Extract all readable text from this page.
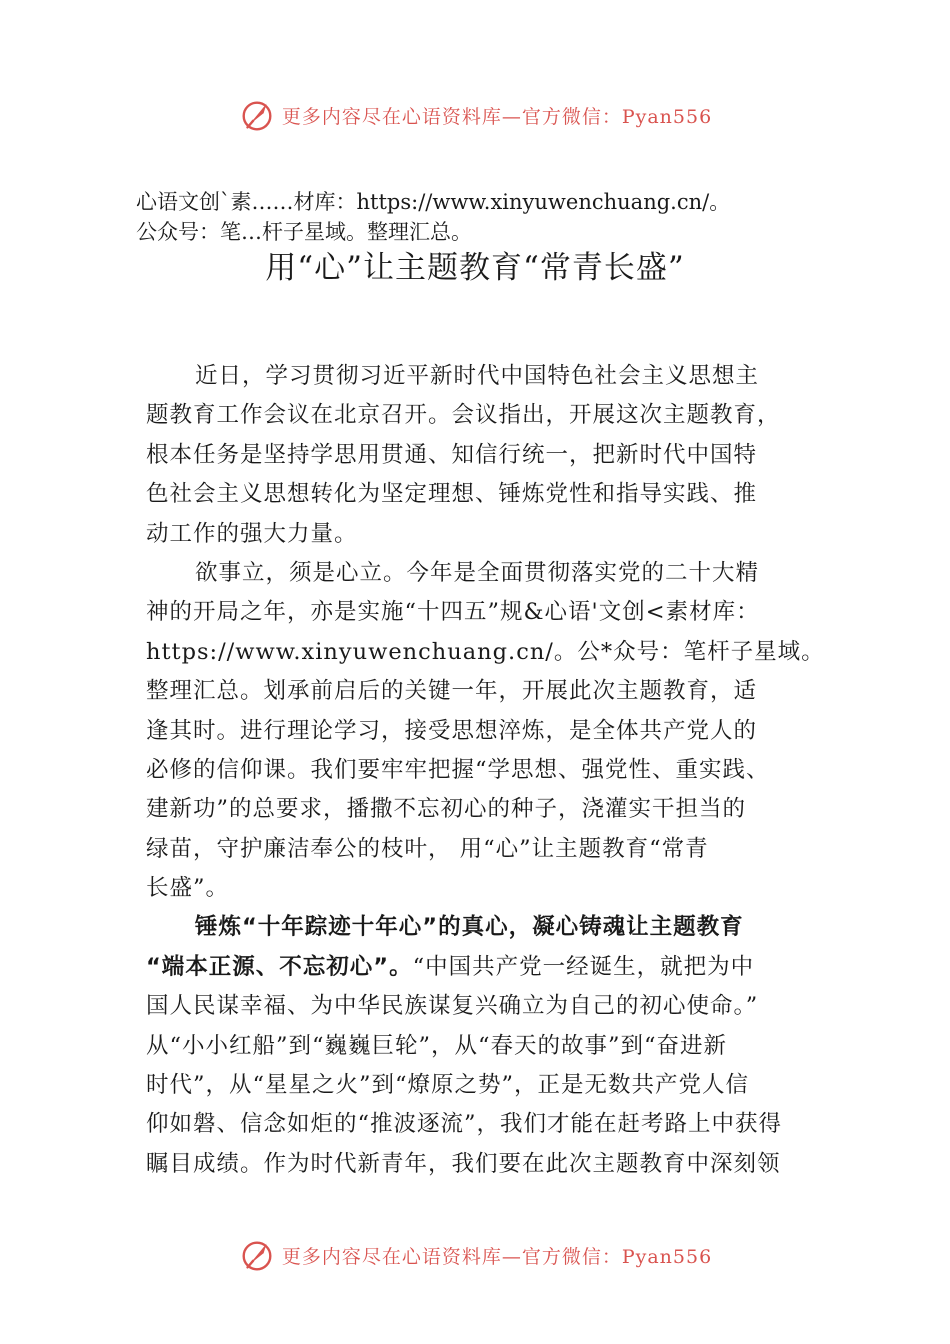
更多内容尽在心语资料库—官方微信：Pyan556
心语文创`素……材库：https://www.xinyuwenchuang.cn/。
公众号：笔…杆子星域。整理汇总。
用“心”让主题教育“常青长盛”
近日，学习贯彻习近平新时代中国特色社会主义思想主
题教育工作会议在北京召开。会议指出，开展这次主题教育，
根本任务是坚持学思用贯通、知信行统一，把新时代中国特
色社会主义思想转化为坚定理想、锤炼党性和指导实践、推
动工作的强大力量。
欲事立，须是心立。今年是全面贯彻落实党的二十大精
神的开局之年，亦是实施“十四五”规&心语'文创<素材库：
https://www.xinyuwenchuang.cn/。公*众号：笔杆子星域。
整理汇总。划承前启后的关键一年，开展此次主题教育，适
逢其时。进行理论学习，接受思想淬炼，是全体共产党人的
必修的信仰课。我们要牢牢把握“学思想、强党性、重实践、
建新功”的总要求，播撒不忘初心的种子，浇灌实干担当的
绿苗，守护廉洁奉公的枝叶， 用“心”让主题教育“常青
长盛”。
锤炼“十年踪迹十年心”的真心，凝心铸魂让主题教育
“端本正源、不忘初心”。“中国共产党一经诞生，就把为中
国人民谋幸福、为中华民族谋复兴确立为自己的初心使命。”
从“小小红船”到“巍巍巨轮”，从“春天的故事”到“奋进新
时代”，从“星星之火”到“燎原之势”，正是无数共产党人信
仰如磐、信念如炬的“推波逐流”，我们才能在赶考路上中获得
瞩目成绩。作为时代新青年，我们要在此次主题教育中深刻领
更多内容尽在心语资料库—官方微信：Pyan556
